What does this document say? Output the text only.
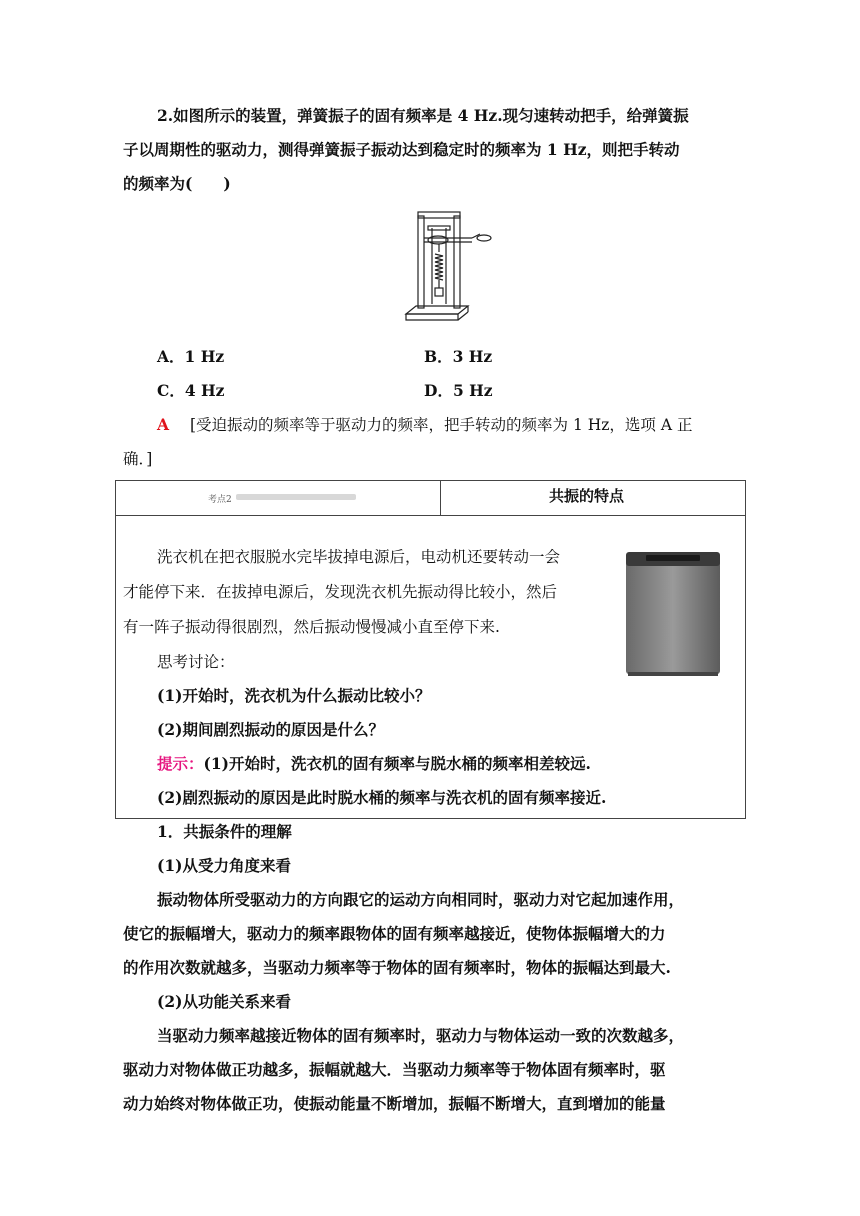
2.如图所示的装置，弹簧振子的固有频率是 4 Hz.现匀速转动把手，给弹簧振
子以周期性的驱动力，测得弹簧振子振动达到稳定时的频率为 1 Hz，则把手转动
的频率为(　　)
A．1 Hz	B．3 Hz
C．4 Hz	D．5 Hz
A [受迫振动的频率等于驱动力的频率，把手转动的频率为 1 Hz，选项 A 正
确．]
考点2	共振的特点
洗衣机在把衣服脱水完毕拔掉电源后，电动机还要转动一会
才能停下来．在拔掉电源后，发现洗衣机先振动得比较小，然后
有一阵子振动得很剧烈，然后振动慢慢减小直至停下来.
思考讨论：
(1)开始时，洗衣机为什么振动比较小？
(2)期间剧烈振动的原因是什么？
提示：(1)开始时，洗衣机的固有频率与脱水桶的频率相差较远.
(2)剧烈振动的原因是此时脱水桶的频率与洗衣机的固有频率接近.
1．共振条件的理解
(1)从受力角度来看
振动物体所受驱动力的方向跟它的运动方向相同时，驱动力对它起加速作用，
使它的振幅增大，驱动力的频率跟物体的固有频率越接近，使物体振幅增大的力
的作用次数就越多，当驱动力频率等于物体的固有频率时，物体的振幅达到最大.
(2)从功能关系来看
当驱动力频率越接近物体的固有频率时，驱动力与物体运动一致的次数越多，
驱动力对物体做正功越多，振幅就越大．当驱动力频率等于物体固有频率时，驱
动力始终对物体做正功，使振动能量不断增加，振幅不断增大，直到增加的能量
